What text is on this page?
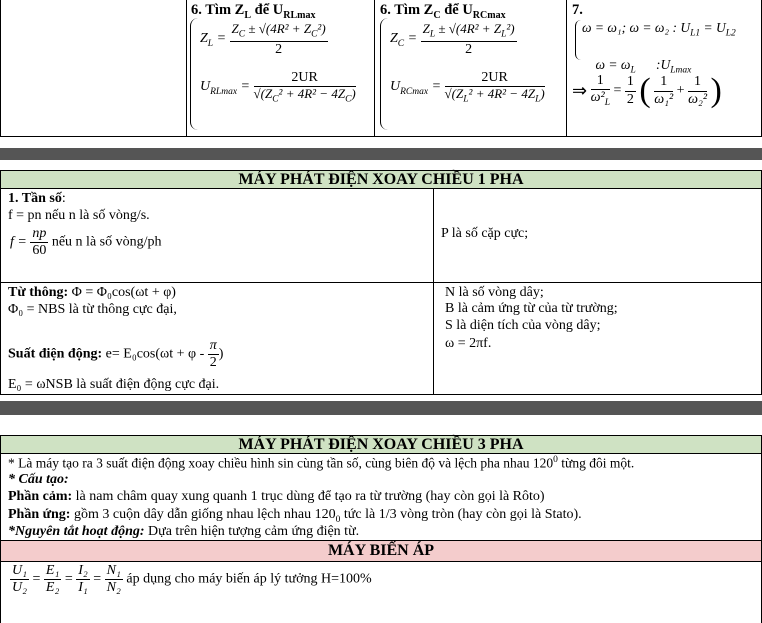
6. Tìm $Z_L$ để $U_{RLmax}$
$Z_L = \frac{Z_C \pm √(4R^2 + Z_C^2)}{2}$
$U_{RLmax} = \frac{2UR}{√(Z_C^2 + 4R^2 - 4Z_C)}$
6. Tìm $Z_C$ để $U_{RCmax}$
$Z_C = \frac{Z_L \pm √(4R^2 + Z_L^2)}{2}$
$U_{RCmax} = \frac{2UR}{√(Z_L^2 + 4R^2 - 4Z_L)}$
7.
ω = ω₁; ω = ω₂ : $U_{L1} = U_{L2}$

$\omega = \omega_L$      $:U_{Lmax}$

⇒ $\frac{1}{\omega^2_L} = \frac{1}{2}$ ( $\frac{1}{\text{ω₁²}} + \frac{1}{\text{ω₂²}}$ )
MÁY PHÁT ĐIỆN XOAY CHIỀU 1 PHA
1. Tần số:
f = pn nếu n là số vòng/s.
$f = \frac{np}{60}$ nếu n là số vòng/ph
P là số cặp cực;
Từ thông: Φ = Φ₀cos(ωt + φ)
Φ₀ = NBS là từ thông cực đại,
Suất điện động: $e= E_0\cos(\omega t + \varphi - \frac{\pi}{2}$ )
E₀ = ωNSB là suất điện động cực đại.
N là số vòng dây;
B là cảm ứng từ của từ trường;
S là diện tích của vòng dây;
ω = 2πf.
MÁY PHÁT ĐIỆN XOAY CHIỀU 3 PHA
* Là máy tạo ra 3 suất điện động xoay chiều hình sin cùng tần số, cùng biên độ và lệch pha nhau $120^0$ từng đôi một.
* Cấu tạo:
Phần cảm: là nam châm quay xung quanh 1 trục dùng để tạo ra từ trường (hay còn gọi là Rôto)
Phần ứng: gồm 3 cuộn dây dẫn giống nhau lệch nhau $120_0$ tức là 1/3 vòng tròn (hay còn gọi là Stato).
*Nguyên tắt hoạt động: Dựa trên hiện tượng cảm ứng điện từ.
MÁY BIẾN ÁP
$\frac{\text{U₁}}{\text{U₂}} = \frac{\text{E₁}}{\text{E₂}} = \frac{\text{I₂}}{\text{I₁}} = \frac{\text{N₁}}{\text{N₂}}$ áp dụng cho máy biến áp lý tưởng H=100%
